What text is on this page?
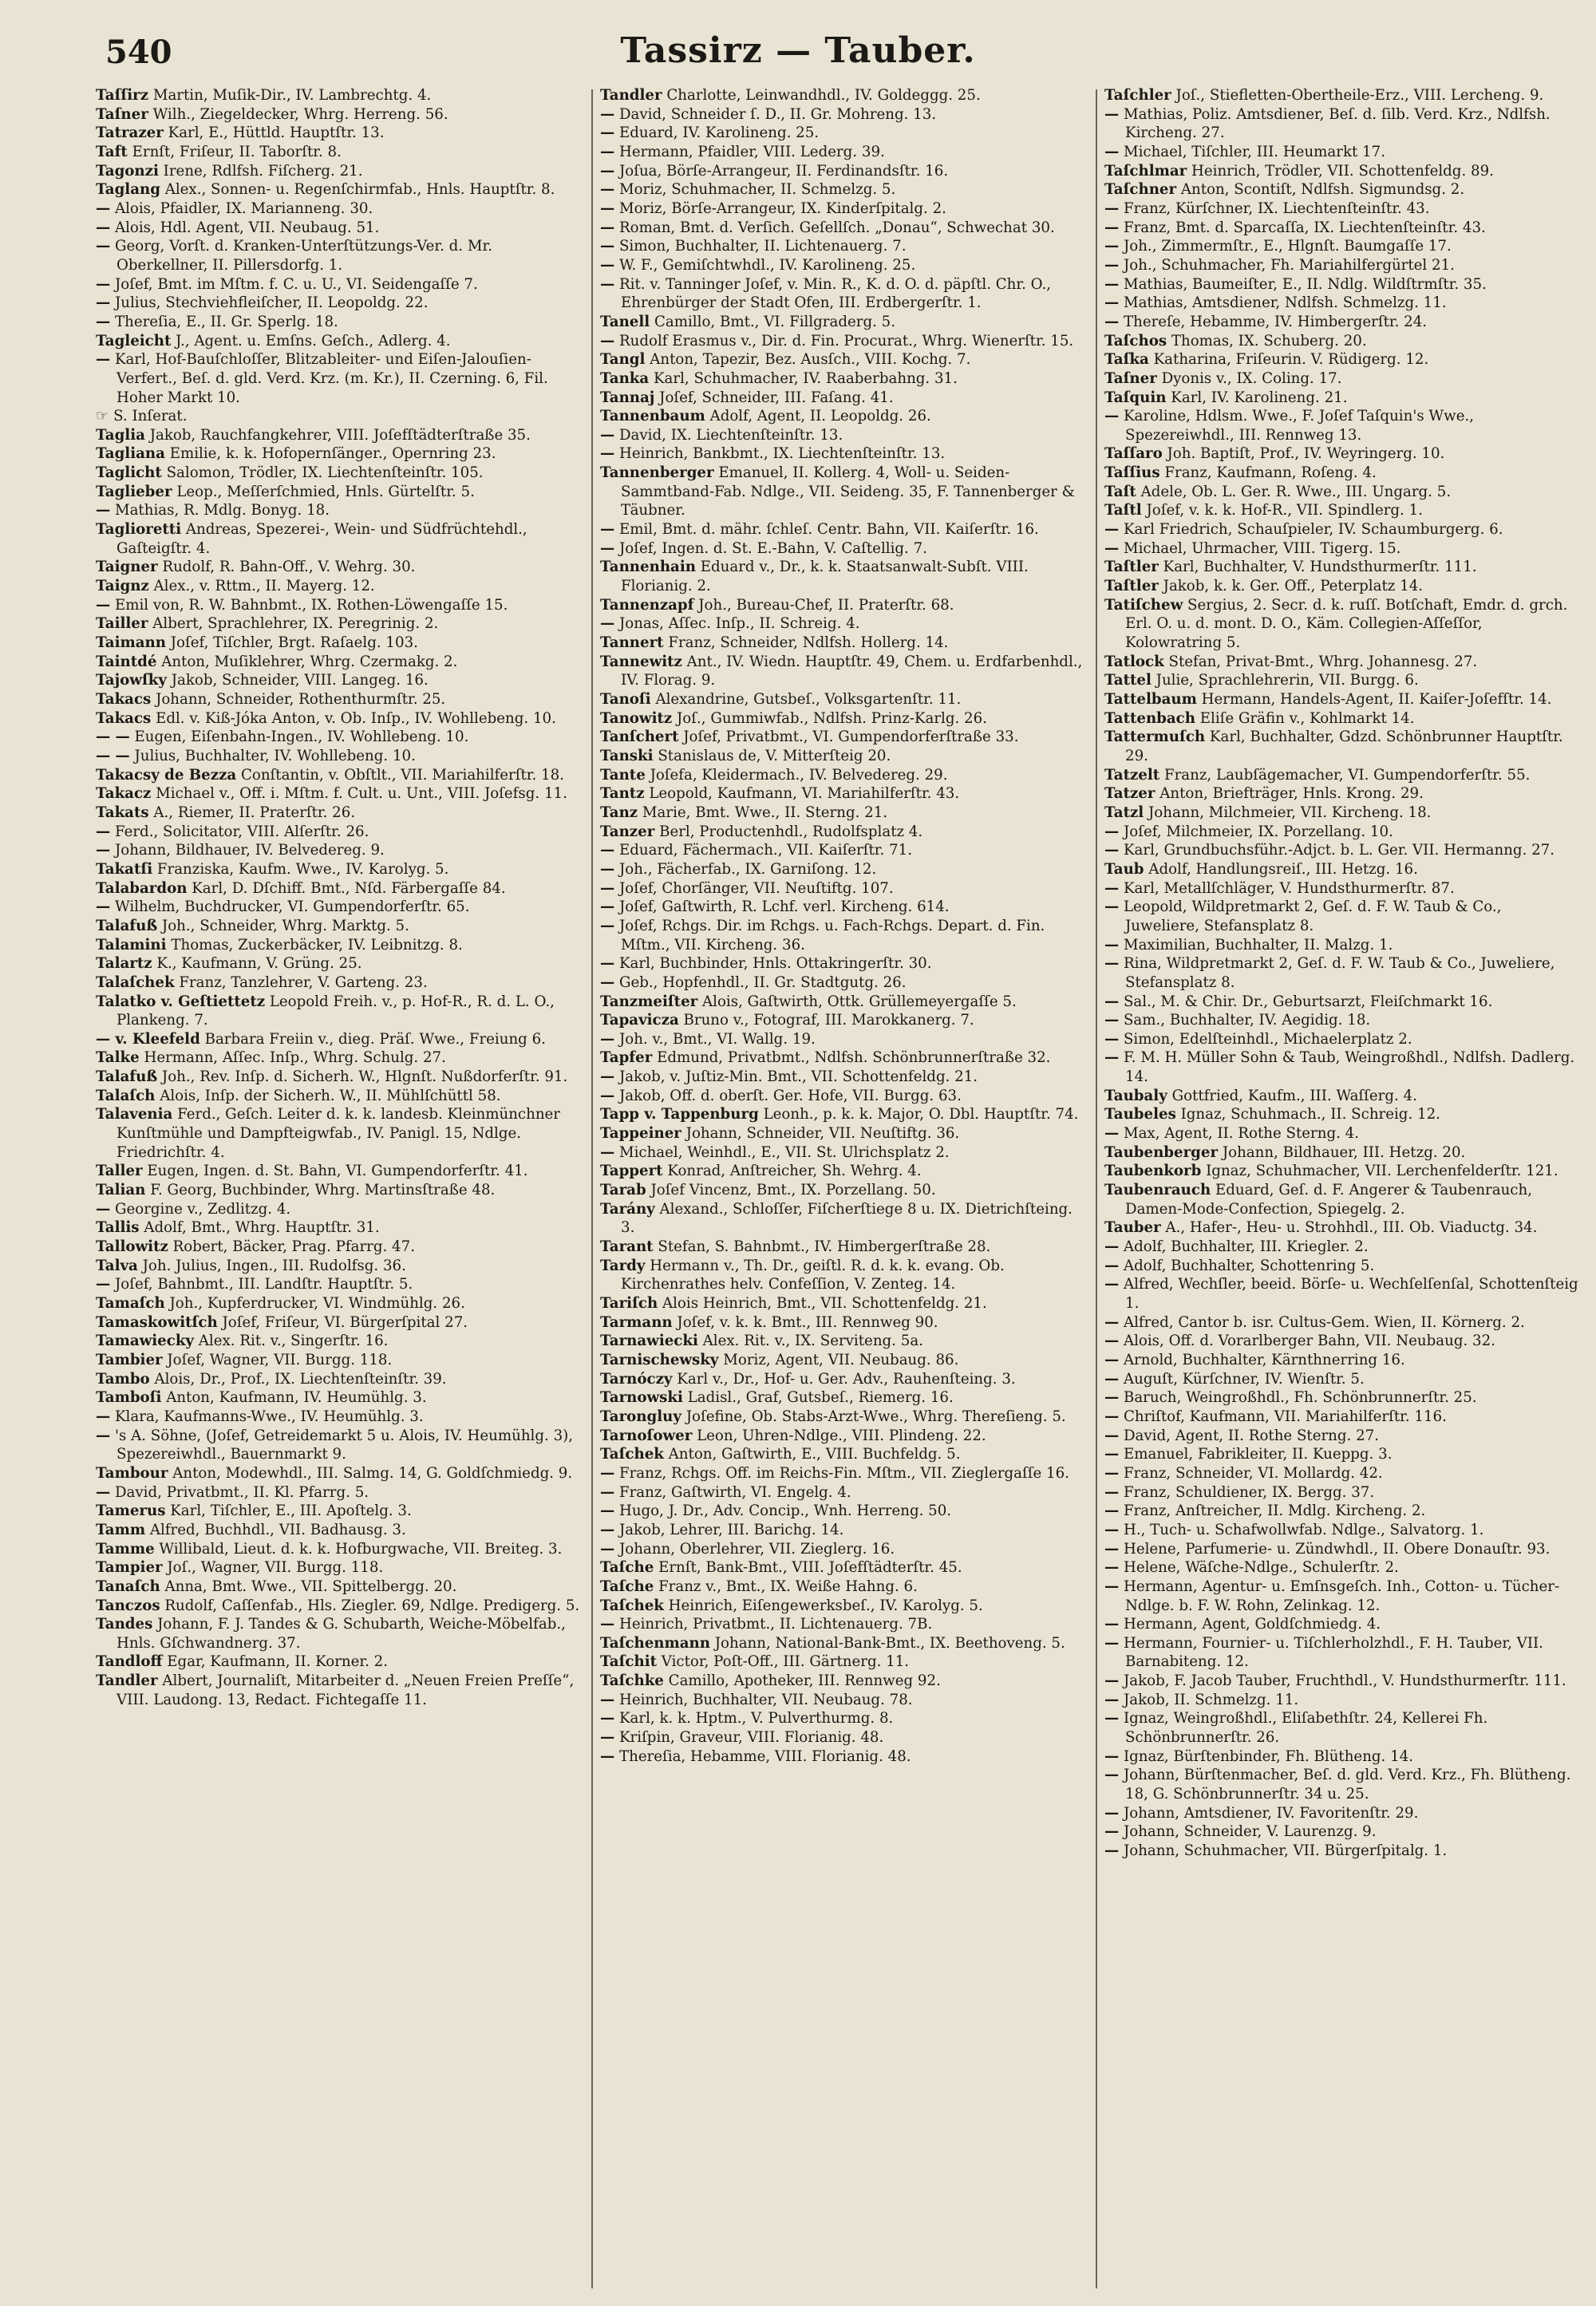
540	Tassirz — Tauber.

Taſſirz Martin, Muſik-Dir., IV. Lambrechtg. 4.

Taſner Wilh., Ziegeldecker, Whrg. Herreng. 56.

Tatrazer Karl, E., Hüttld. Hauptſtr. 13.

Taft Ernſt, Friſeur, II. Taborſtr. 8.

Tagonzi Irene, Rdlfsh. Fiſcherg. 21.

Taglang Alex., Sonnen- u. Regenſchirmfab., Hnls. Hauptſtr. 8.

— Alois, Pfaidler, IX. Marianneng. 30.

— Alois, Hdl. Agent, VII. Neubaug. 51.

— Georg, Vorſt. d. Kranken-Unterſtützungs-Ver. d. Mr. Oberkellner, II. Pillersdorfg. 1.

— Joſef, Bmt. im Mſtm. f. C. u. U., VI. Seidengaſſe 7.

— Julius, Stechviehfleiſcher, II. Leopoldg. 22.

— Thereſia, E., II. Gr. Sperlg. 18.

Tagleicht J., Agent. u. Emſns. Geſch., Adlerg. 4.

— Karl, Hof-Bauſchloſſer, Blitzableiter- und Eiſen-Jalouſien-Verfert., Beſ. d. gld. Verd. Krz. (m. Kr.), II. Czerning. 6, Fil. Hoher Markt 10.

☞ S. Inſerat.

Taglia Jakob, Rauchfangkehrer, VIII. Joſefſtädterſtraße 35.

Tagliana Emilie, k. k. Hofopernſänger., Opernring 23.

Taglicht Salomon, Trödler, IX. Liechtenſteinſtr. 105.

Taglieber Leop., Meſſerſchmied, Hnls. Gürtelſtr. 5.

— Mathias, R. Mdlg. Bonyg. 18.

Taglioretti Andreas, Spezerei-, Wein- und Südfrüchtehdl., Gaſteigſtr. 4.

Taigner Rudolf, R. Bahn-Off., V. Wehrg. 30.

Taignz Alex., v. Rttm., II. Mayerg. 12.

— Emil von, R. W. Bahnbmt., IX. Rothen-Löwengaſſe 15.

Tailler Albert, Sprachlehrer, IX. Peregrinig. 2.

Taimann Joſef, Tiſchler, Brgt. Raſaelg. 103.

Taintdé Anton, Muſiklehrer, Whrg. Czermakg. 2.

Tajowſky Jakob, Schneider, VIII. Langeg. 16.

Takacs Johann, Schneider, Rothenthurmſtr. 25.

Takacs Edl. v. Kiß-Jóka Anton, v. Ob. Inſp., IV. Wohllebeng. 10.

— — Eugen, Eiſenbahn-Ingen., IV. Wohllebeng. 10.

— — Julius, Buchhalter, IV. Wohllebeng. 10.

Takacsy de Bezza Conſtantin, v. Obſtlt., VII. Mariahilferſtr. 18.

Takacz Michael v., Off. i. Mſtm. f. Cult. u. Unt., VIII. Joſefsg. 11.

Takats A., Riemer, II. Praterſtr. 26.

— Ferd., Solicitator, VIII. Alſerſtr. 26.

— Johann, Bildhauer, IV. Belvedereg. 9.

Takatſi Franziska, Kaufm. Wwe., IV. Karolyg. 5.

Talabardon Karl, D. Dſchiff. Bmt., Nſd. Färbergaſſe 84.

— Wilhelm, Buchdrucker, VI. Gumpendorferſtr. 65.

Talafuß Joh., Schneider, Whrg. Marktg. 5.

Talamini Thomas, Zuckerbäcker, IV. Leibnitzg. 8.

Talartz K., Kaufmann, V. Grüng. 25.

Talaſchek Franz, Tanzlehrer, V. Garteng. 23.

Talatko v. Geſtiettetz Leopold Freih. v., p. Hof-R., R. d. L. O., Plankeng. 7.

— v. Kleefeld Barbara Freiin v., dieg. Präſ. Wwe., Freiung 6.

Talke Hermann, Aſſec. Inſp., Whrg. Schulg. 27.

Talafuß Joh., Rev. Inſp. d. Sicherh. W., Hlgnſt. Nußdorferſtr. 91.

Talaſch Alois, Inſp. der Sicherh. W., II. Mühlſchüttl 58.

Talavenia Ferd., Geſch. Leiter d. k. k. landesb. Kleinmünchner Kunſtmühle und Dampfteigwfab., IV. Panigl. 15, Ndlge. Friedrichſtr. 4.

Taller Eugen, Ingen. d. St. Bahn, VI. Gumpendorferſtr. 41.

Talian F. Georg, Buchbinder, Whrg. Martinsſtraße 48.

— Georgine v., Zedlitzg. 4.

Tallis Adolf, Bmt., Whrg. Hauptſtr. 31.

Tallowitz Robert, Bäcker, Prag. Pfarrg. 47.

Talva Joh. Julius, Ingen., III. Rudolfsg. 36.

— Joſef, Bahnbmt., III. Landſtr. Hauptſtr. 5.

Tamaſch Joh., Kupferdrucker, VI. Windmühlg. 26.

Tamaskowitſch Joſef, Friſeur, VI. Bürgerſpital 27.

Tamawiecky Alex. Rit. v., Singerſtr. 16.

Tambier Joſef, Wagner, VII. Burgg. 118.

Tambo Alois, Dr., Prof., IX. Liechtenſteinſtr. 39.

Tamboſi Anton, Kaufmann, IV. Heumühlg. 3.

— Klara, Kaufmanns-Wwe., IV. Heumühlg. 3.

— 's A. Söhne, (Joſef, Getreidemarkt 5 u. Alois, IV. Heumühlg. 3), Spezereiwhdl., Bauernmarkt 9.

Tambour Anton, Modewhdl., III. Salmg. 14, G. Goldſchmiedg. 9.

— David, Privatbmt., II. Kl. Pfarrg. 5.

Tamerus Karl, Tiſchler, E., III. Apoſtelg. 3.

Tamm Alfred, Buchhdl., VII. Badhausg. 3.

Tamme Willibald, Lieut. d. k. k. Hofburgwache, VII. Breiteg. 3.

Tampier Joſ., Wagner, VII. Burgg. 118.

Tanaſch Anna, Bmt. Wwe., VII. Spittelbergg. 20.

Tanczos Rudolf, Caſſenfab., Hls. Ziegler. 69, Ndlge. Predigerg. 5.

Tandes Johann, F. J. Tandes & G. Schubarth, Weiche-Möbelfab., Hnls. Gſchwandnerg. 37.

Tandloff Egar, Kaufmann, II. Korner. 2.

Tandler Albert, Journaliſt, Mitarbeiter d. „Neuen Freien Preſſe“, VIII. Laudong. 13, Redact. Fichtegaſſe 11.

Tandler Charlotte, Leinwandhdl., IV. Goldeggg. 25.

— David, Schneider ſ. D., II. Gr. Mohreng. 13.

— Eduard, IV. Karolineng. 25.

— Hermann, Pfaidler, VIII. Lederg. 39.

— Joſua, Börſe-Arrangeur, II. Ferdinandsſtr. 16.

— Moriz, Schuhmacher, II. Schmelzg. 5.

— Moriz, Börſe-Arrangeur, IX. Kinderſpitalg. 2.

— Roman, Bmt. d. Verſich. Geſellſch. „Donau“, Schwechat 30.

— Simon, Buchhalter, II. Lichtenauerg. 7.

— W. F., Gemiſchtwhdl., IV. Karolineng. 25.

— Rit. v. Tanninger Joſef, v. Min. R., K. d. O. d. päpſtl. Chr. O., Ehrenbürger der Stadt Ofen, III. Erdbergerſtr. 1.

Tanell Camillo, Bmt., VI. Fillgraderg. 5.

— Rudolf Erasmus v., Dir. d. Fin. Procurat., Whrg. Wienerſtr. 15.

Tangl Anton, Tapezir, Bez. Ausſch., VIII. Kochg. 7.

Tanka Karl, Schuhmacher, IV. Raaberbahng. 31.

Tannaj Joſef, Schneider, III. Faſang. 41.

Tannenbaum Adolf, Agent, II. Leopoldg. 26.

— David, IX. Liechtenſteinſtr. 13.

— Heinrich, Bankbmt., IX. Liechtenſteinſtr. 13.

Tannenberger Emanuel, II. Kollerg. 4, Woll- u. Seiden-Sammtband-Fab. Ndlge., VII. Seideng. 35, F. Tannenberger & Täubner.

— Emil, Bmt. d. mähr. ſchleſ. Centr. Bahn, VII. Kaiſerſtr. 16.

— Joſef, Ingen. d. St. E.-Bahn, V. Caſtellig. 7.

Tannenhain Eduard v., Dr., k. k. Staatsanwalt-Subſt. VIII. Florianig. 2.

Tannenzapf Joh., Bureau-Chef, II. Praterſtr. 68.

— Jonas, Aſſec. Inſp., II. Schreig. 4.

Tannert Franz, Schneider, Ndlfsh. Hollerg. 14.

Tannewitz Ant., IV. Wiedn. Hauptſtr. 49, Chem. u. Erdfarbenhdl., IV. Florag. 9.

Tanoſi Alexandrine, Gutsbeſ., Volksgartenſtr. 11.

Tanowitz Joſ., Gummiwfab., Ndlfsh. Prinz-Karlg. 26.

Tanſchert Joſef, Privatbmt., VI. Gumpendorferſtraße 33.

Tanski Stanislaus de, V. Mitterſteig 20.

Tante Joſefa, Kleidermach., IV. Belvedereg. 29.

Tantz Leopold, Kaufmann, VI. Mariahilferſtr. 43.

Tanz Marie, Bmt. Wwe., II. Sterng. 21.

Tanzer Berl, Productenhdl., Rudolfsplatz 4.

— Eduard, Fächermach., VII. Kaiſerſtr. 71.

— Joh., Fächerfab., IX. Garniſong. 12.

— Joſef, Chorſänger, VII. Neuſtiftg. 107.

— Joſef, Gaſtwirth, R. Lchf. verl. Kircheng. 614.

— Joſef, Rchgs. Dir. im Rchgs. u. Fach-Rchgs. Depart. d. Fin. Mſtm., VII. Kircheng. 36.

— Karl, Buchbinder, Hnls. Ottakringerſtr. 30.

— Geb., Hopfenhdl., II. Gr. Stadtgutg. 26.

Tanzmeiſter Alois, Gaſtwirth, Ottk. Grüllemeyergaſſe 5.

Tapavicza Bruno v., Fotograf, III. Marokkanerg. 7.

— Joh. v., Bmt., VI. Wallg. 19.

Tapfer Edmund, Privatbmt., Ndlfsh. Schönbrunnerſtraße 32.

— Jakob, v. Juſtiz-Min. Bmt., VII. Schottenfeldg. 21.

— Jakob, Off. d. oberſt. Ger. Hofe, VII. Burgg. 63.

Tapp v. Tappenburg Leonh., p. k. k. Major, O. Dbl. Hauptſtr. 74.

Tappeiner Johann, Schneider, VII. Neuſtiftg. 36.

— Michael, Weinhdl., E., VII. St. Ulrichsplatz 2.

Tappert Konrad, Anſtreicher, Sh. Wehrg. 4.

Tarab Joſef Vincenz, Bmt., IX. Porzellang. 50.

Tarány Alexand., Schloſſer, Fiſcherſtiege 8 u. IX. Dietrichſteing. 3.

Tarant Stefan, S. Bahnbmt., IV. Himbergerſtraße 28.

Tardy Hermann v., Th. Dr., geiſtl. R. d. k. k. evang. Ob. Kirchenrathes helv. Confeſſion, V. Zenteg. 14.

Tariſch Alois Heinrich, Bmt., VII. Schottenfeldg. 21.

Tarmann Joſef, v. k. k. Bmt., III. Rennweg 90.

Tarnawiecki Alex. Rit. v., IX. Serviteng. 5a.

Tarnischewsky Moriz, Agent, VII. Neubaug. 86.

Tarnóczy Karl v., Dr., Hof- u. Ger. Adv., Rauhenſteing. 3.

Tarnowski Ladisl., Graf, Gutsbeſ., Riemerg. 16.

Tarongluy Joſefine, Ob. Stabs-Arzt-Wwe., Whrg. Thereſieng. 5.

Tarnoſower Leon, Uhren-Ndlge., VIII. Plindeng. 22.

Taſchek Anton, Gaſtwirth, E., VIII. Buchfeldg. 5.

— Franz, Rchgs. Off. im Reichs-Fin. Mſtm., VII. Zieglergaſſe 16.

— Franz, Gaſtwirth, VI. Engelg. 4.

— Hugo, J. Dr., Adv. Concip., Wnh. Herreng. 50.

— Jakob, Lehrer, III. Barichg. 14.

— Johann, Oberlehrer, VII. Zieglerg. 16.

Taſche Ernſt, Bank-Bmt., VIII. Joſefſtädterſtr. 45.

Taſche Franz v., Bmt., IX. Weiße Hahng. 6.

Taſchek Heinrich, Eiſengewerksbeſ., IV. Karolyg. 5.

— Heinrich, Privatbmt., II. Lichtenauerg. 7B.

Taſchenmann Johann, National-Bank-Bmt., IX. Beethoveng. 5.

Taſchit Victor, Poſt-Off., III. Gärtnerg. 11.

Taſchke Camillo, Apotheker, III. Rennweg 92.

— Heinrich, Buchhalter, VII. Neubaug. 78.

— Karl, k. k. Hptm., V. Pulverthurmg. 8.

— Kriſpin, Graveur, VIII. Florianig. 48.

— Thereſia, Hebamme, VIII. Florianig. 48.

Taſchler Joſ., Stiefletten-Obertheile-Erz., VIII. Lercheng. 9.

— Mathias, Poliz. Amtsdiener, Beſ. d. ſilb. Verd. Krz., Ndlfsh. Kircheng. 27.

— Michael, Tiſchler, III. Heumarkt 17.

Taſchlmar Heinrich, Trödler, VII. Schottenfeldg. 89.

Taſchner Anton, Scontiſt, Ndlfsh. Sigmundsg. 2.

— Franz, Kürſchner, IX. Liechtenſteinſtr. 43.

— Franz, Bmt. d. Sparcaſſa, IX. Liechtenſteinſtr. 43.

— Joh., Zimmermſtr., E., Hlgnſt. Baumgaſſe 17.

— Joh., Schuhmacher, Fh. Mariahilfergürtel 21.

— Mathias, Baumeiſter, E., II. Ndlg. Wildſtrmſtr. 35.

— Mathias, Amtsdiener, Ndlfsh. Schmelzg. 11.

— Thereſe, Hebamme, IV. Himbergerſtr. 24.

Taſchos Thomas, IX. Schuberg. 20.

Taſka Katharina, Friſeurin. V. Rüdigerg. 12.

Taſner Dyonis v., IX. Coling. 17.

Taſquin Karl, IV. Karolineng. 21.

— Karoline, Hdlsm. Wwe., F. Joſef Taſquin's Wwe., Spezereiwhdl., III. Rennweg 13.

Taſſaro Joh. Baptiſt, Prof., IV. Weyringerg. 10.

Taſſius Franz, Kaufmann, Roſeng. 4.

Taſt Adele, Ob. L. Ger. R. Wwe., III. Ungarg. 5.

Taſtl Joſef, v. k. k. Hof-R., VII. Spindlerg. 1.

— Karl Friedrich, Schauſpieler, IV. Schaumburgerg. 6.

— Michael, Uhrmacher, VIII. Tigerg. 15.

Taſtler Karl, Buchhalter, V. Hundsthurmerſtr. 111.

Taſtler Jakob, k. k. Ger. Off., Peterplatz 14.

Tatiſchew Sergius, 2. Secr. d. k. ruſſ. Botſchaft, Emdr. d. grch. Erl. O. u. d. mont. D. O., Käm. Collegien-Aſſeſſor, Kolowratring 5.

Tatlock Stefan, Privat-Bmt., Whrg. Johannesg. 27.

Tattel Julie, Sprachlehrerin, VII. Burgg. 6.

Tattelbaum Hermann, Handels-Agent, II. Kaiſer-Joſefſtr. 14.

Tattenbach Eliſe Gräfin v., Kohlmarkt 14.

Tattermuſch Karl, Buchhalter, Gdzd. Schönbrunner Hauptſtr. 29.

Tatzelt Franz, Laubſägemacher, VI. Gumpendorferſtr. 55.

Tatzer Anton, Briefträger, Hnls. Krong. 29.

Tatzl Johann, Milchmeier, VII. Kircheng. 18.

— Joſef, Milchmeier, IX. Porzellang. 10.

— Karl, Grundbuchsführ.-Adjct. b. L. Ger. VII. Hermanng. 27.

Taub Adolf, Handlungsreiſ., III. Hetzg. 16.

— Karl, Metallſchläger, V. Hundsthurmerſtr. 87.

— Leopold, Wildpretmarkt 2, Geſ. d. F. W. Taub & Co., Juweliere, Stefansplatz 8.

— Maximilian, Buchhalter, II. Malzg. 1.

— Rina, Wildpretmarkt 2, Geſ. d. F. W. Taub & Co., Juweliere, Stefansplatz 8.

— Sal., M. & Chir. Dr., Geburtsarzt, Fleiſchmarkt 16.

— Sam., Buchhalter, IV. Aegidig. 18.

— Simon, Edelſteinhdl., Michaelerplatz 2.

— F. M. H. Müller Sohn & Taub, Weingroßhdl., Ndlfsh. Dadlerg. 14.

Taubaly Gottfried, Kaufm., III. Waſſerg. 4.

Taubeles Ignaz, Schuhmach., II. Schreig. 12.

— Max, Agent, II. Rothe Sterng. 4.

Taubenberger Johann, Bildhauer, III. Hetzg. 20.

Taubenkorb Ignaz, Schuhmacher, VII. Lerchenfelderſtr. 121.

Taubenrauch Eduard, Geſ. d. F. Angerer & Taubenrauch, Damen-Mode-Confection, Spiegelg. 2.

Tauber A., Hafer-, Heu- u. Strohhdl., III. Ob. Viaductg. 34.

— Adolf, Buchhalter, III. Kriegler. 2.

— Adolf, Buchhalter, Schottenring 5.

— Alfred, Wechſler, beeid. Börſe- u. Wechſelſenſal, Schottenſteig 1.

— Alfred, Cantor b. isr. Cultus-Gem. Wien, II. Körnerg. 2.

— Alois, Off. d. Vorarlberger Bahn, VII. Neubaug. 32.

— Arnold, Buchhalter, Kärnthnerring 16.

— Auguſt, Kürſchner, IV. Wienſtr. 5.

— Baruch, Weingroßhdl., Fh. Schönbrunnerſtr. 25.

— Chriſtof, Kaufmann, VII. Mariahilferſtr. 116.

— David, Agent, II. Rothe Sterng. 27.

— Emanuel, Fabrikleiter, II. Kueppg. 3.

— Franz, Schneider, VI. Mollardg. 42.

— Franz, Schuldiener, IX. Bergg. 37.

— Franz, Anſtreicher, II. Mdlg. Kircheng. 2.

— H., Tuch- u. Schafwollwfab. Ndlge., Salvatorg. 1.

— Helene, Parfumerie- u. Zündwhdl., II. Obere Donauſtr. 93.

— Helene, Wäſche-Ndlge., Schulerſtr. 2.

— Hermann, Agentur- u. Emſnsgeſch. Inh., Cotton- u. Tücher-Ndlge. b. F. W. Rohn, Zelinkag. 12.

— Hermann, Agent, Goldſchmiedg. 4.

— Hermann, Fournier- u. Tiſchlerholzhdl., F. H. Tauber, VII. Barnabiteng. 12.

— Jakob, F. Jacob Tauber, Fruchthdl., V. Hundsthurmerſtr. 111.

— Jakob, II. Schmelzg. 11.

— Ignaz, Weingroßhdl., Eliſabethſtr. 24, Kellerei Fh. Schönbrunnerſtr. 26.

— Ignaz, Bürſtenbinder, Fh. Blütheng. 14.

— Johann, Bürſtenmacher, Beſ. d. gld. Verd. Krz., Fh. Blütheng. 18, G. Schönbrunnerſtr. 34 u. 25.

— Johann, Amtsdiener, IV. Favoritenſtr. 29.

— Johann, Schneider, V. Laurenzg. 9.

— Johann, Schuhmacher, VII. Bürgerſpitalg. 1.
